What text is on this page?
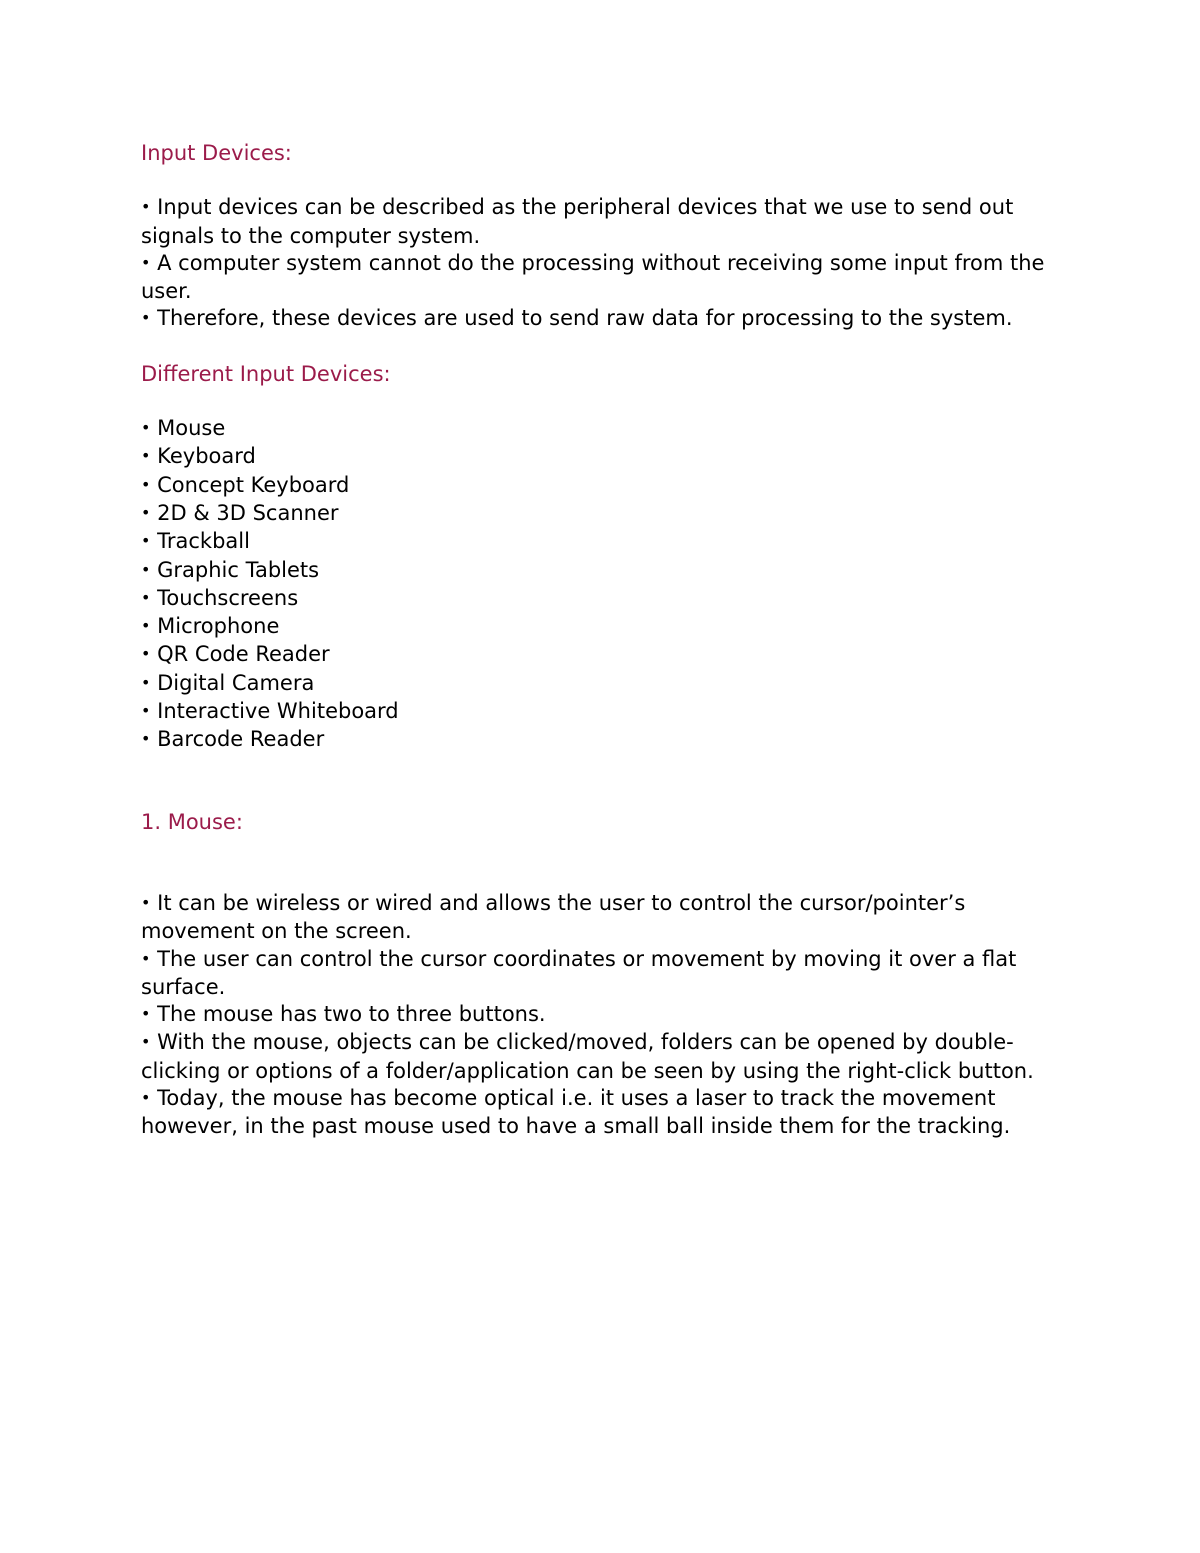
Input Devices:
• Input devices can be described as the peripheral devices that we use to send out signals to the computer system.
• A computer system cannot do the processing without receiving some input from the user.
• Therefore, these devices are used to send raw data for processing to the system.
Different Input Devices:
• Mouse
• Keyboard
• Concept Keyboard
• 2D & 3D Scanner
• Trackball
• Graphic Tablets
• Touchscreens
• Microphone
• QR Code Reader
• Digital Camera
• Interactive Whiteboard
• Barcode Reader
1. Mouse:
• It can be wireless or wired and allows the user to control the cursor/pointer’s movement on the screen.
• The user can control the cursor coordinates or movement by moving it over a flat surface.
• The mouse has two to three buttons.
• With the mouse, objects can be clicked/moved, folders can be opened by double-clicking or options of a folder/application can be seen by using the right-click button.
• Today, the mouse has become optical i.e. it uses a laser to track the movement however, in the past mouse used to have a small ball inside them for the tracking.
